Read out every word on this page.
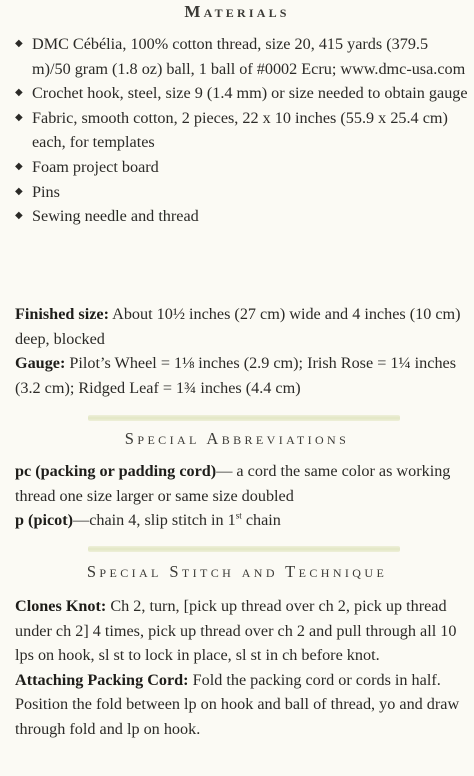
Materials
◆ DMC Cébélia, 100% cotton thread, size 20, 415 yards (379.5 m)/50 gram (1.8 oz) ball, 1 ball of #0002 Ecru; www.dmc-usa.com
◆ Crochet hook, steel, size 9 (1.4 mm) or size needed to obtain gauge
◆ Fabric, smooth cotton, 2 pieces, 22 x 10 inches (55.9 x 25.4 cm) each, for templates
◆ Foam project board
◆ Pins
◆ Sewing needle and thread

Finished size: About 10½ inches (27 cm) wide and 4 inches (10 cm) deep, blocked

Gauge: Pilot’s Wheel = 1⅛ inches (2.9 cm); Irish Rose = 1¼ inches (3.2 cm); Ridged Leaf = 1¾ inches (4.4 cm)

Special Abbreviations

pc (packing or padding cord)— a cord the same color as working thread one size larger or same size doubled

p (picot)—chain 4, slip stitch in 1st chain

Special Stitch and Technique

Clones Knot: Ch 2, turn, [pick up thread over ch 2, pick up thread under ch 2] 4 times, pick up thread over ch 2 and pull through all 10 lps on hook, sl st to lock in place, sl st in ch before knot.

Attaching Packing Cord: Fold the packing cord or cords in half. Position the fold between lp on hook and ball of thread, yo and draw through fold and lp on hook.
